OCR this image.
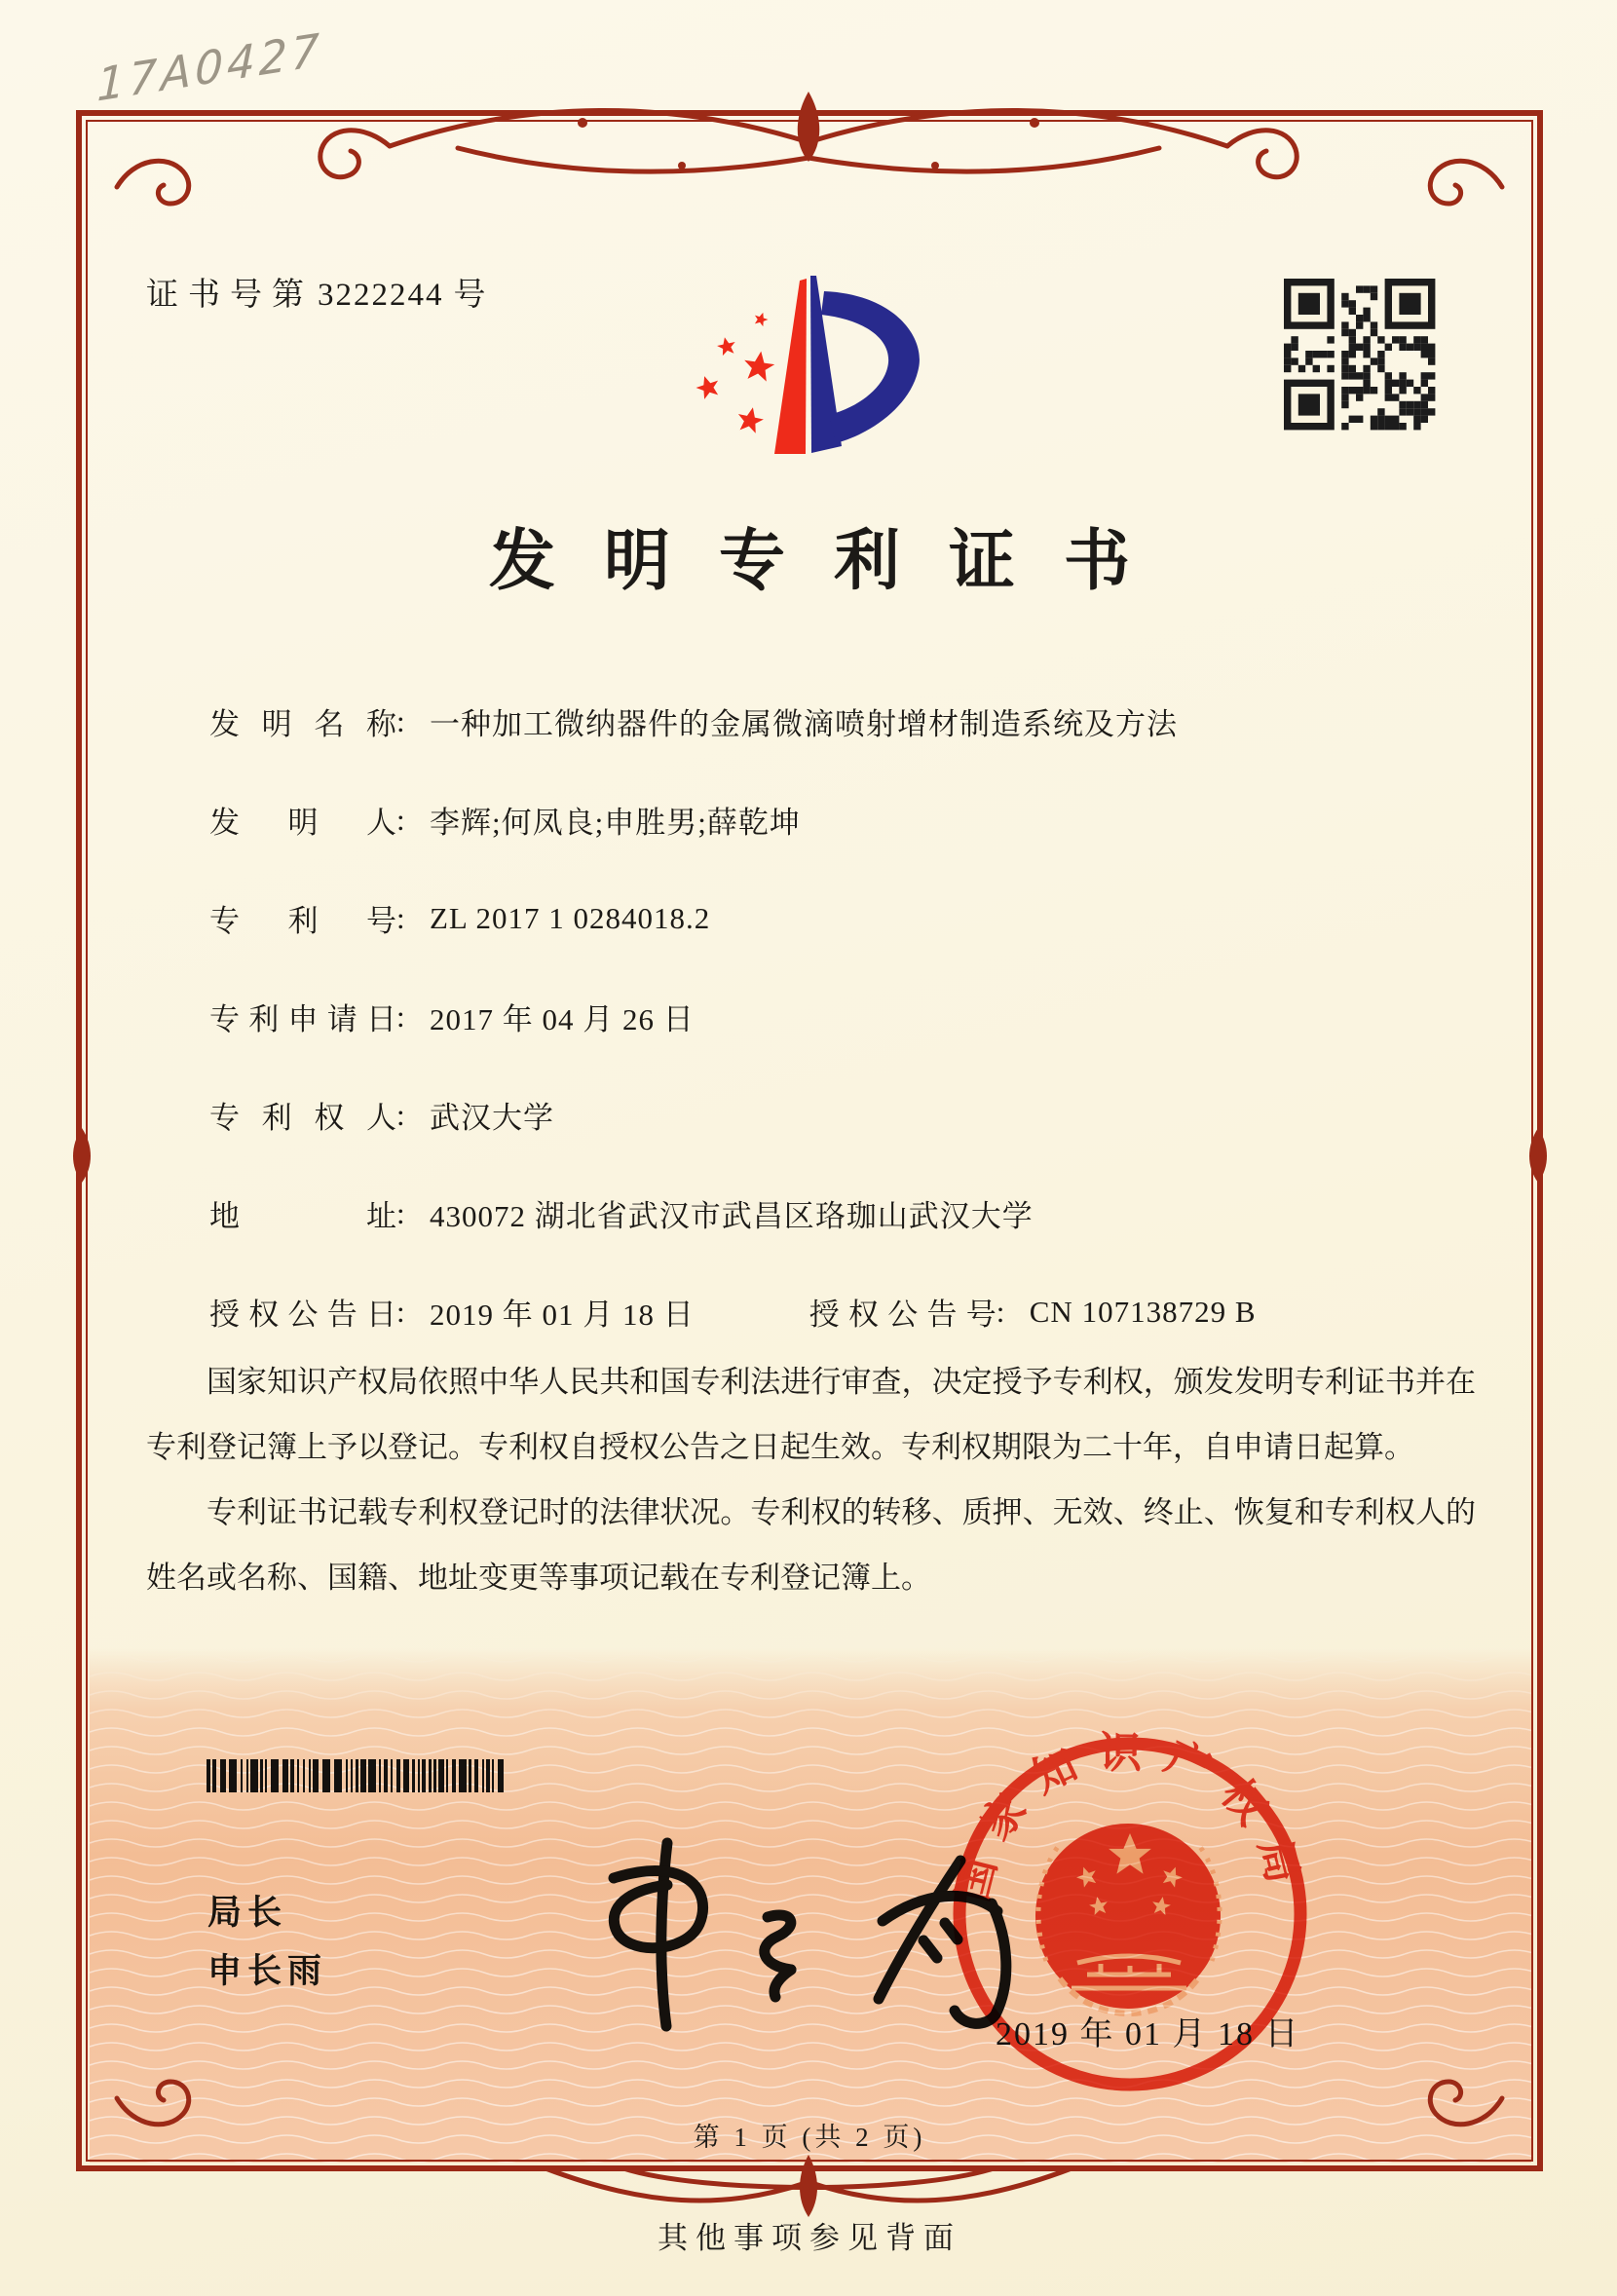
17A0427
证书号第 3222244 号
发明专利证书
发明名称 : 一种加工微纳器件的金属微滴喷射增材制造系统及方法
发明人 : 李辉;何凤良;申胜男;薛乾坤
专利号 : ZL 2017 1 0284018.2
专利申请日 : 2017 年 04 月 26 日
专利权人 : 武汉大学
地址 : 430072 湖北省武汉市武昌区珞珈山武汉大学
授权公告日 : 2019 年 01 月 18 日	授权公告号 : CN 107138729 B

国家知识产权局依照中华人民共和国专利法进行审查，决定授予专利权，颁发发明专利证书并在专利登记簿上予以登记。专利权自授权公告之日起生效。专利权期限为二十年，自申请日起算。

专利证书记载专利权登记时的法律状况。专利权的转移、质押、无效、终止、恢复和专利权人的姓名或名称、国籍、地址变更等事项记载在专利登记簿上。

局长
申长雨
国家知识产权局
2019 年 01 月 18 日
第 1 页 (共 2 页)
其他事项参见背面
